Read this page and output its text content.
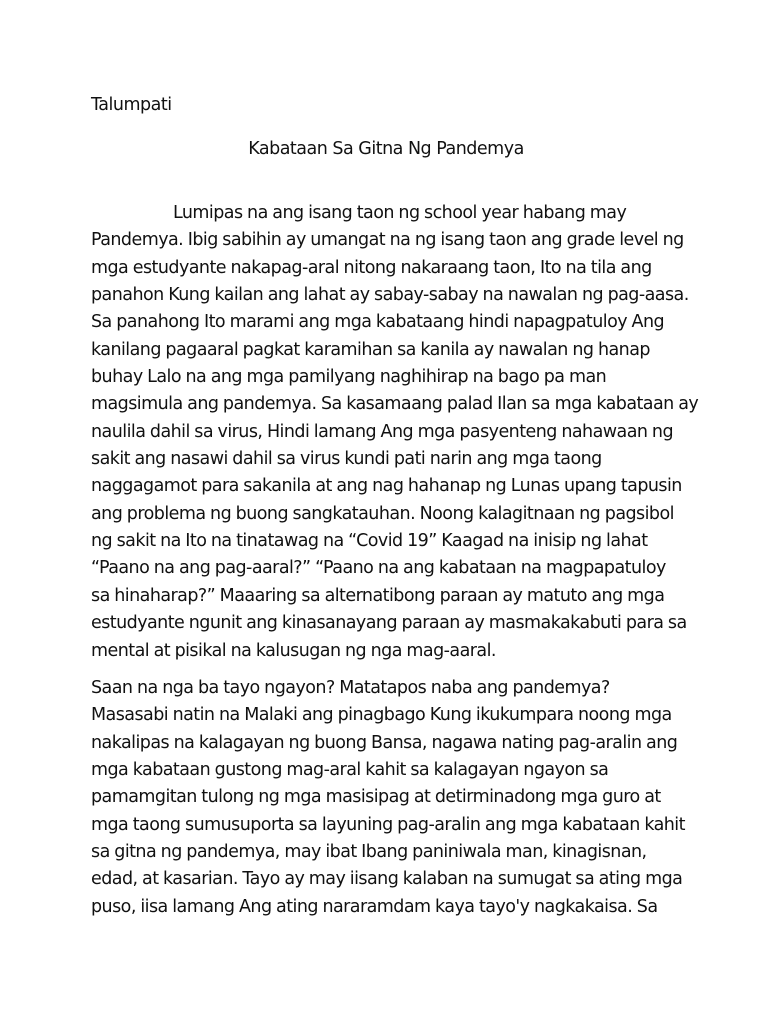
Talumpati
Kabataan Sa Gitna Ng Pandemya
Lumipas na ang isang taon ng school year habang may
Pandemya. Ibig sabihin ay umangat na ng isang taon ang grade level ng
mga estudyante nakapag-aral nitong nakaraang taon, Ito na tila ang
panahon Kung kailan ang lahat ay sabay-sabay na nawalan ng pag-aasa.
Sa panahong Ito marami ang mga kabataang hindi napagpatuloy Ang
kanilang pagaaral pagkat karamihan sa kanila ay nawalan ng hanap
buhay Lalo na ang mga pamilyang naghihirap na bago pa man
magsimula ang pandemya. Sa kasamaang palad Ilan sa mga kabataan ay
naulila dahil sa virus, Hindi lamang Ang mga pasyenteng nahawaan ng
sakit ang nasawi dahil sa virus kundi pati narin ang mga taong
naggagamot para sakanila at ang nag hahanap ng Lunas upang tapusin
ang problema ng buong sangkatauhan. Noong kalagitnaan ng pagsibol
ng sakit na Ito na tinatawag na “Covid 19” Kaagad na inisip ng lahat
“Paano na ang pag-aaral?” “Paano na ang kabataan na magpapatuloy
sa hinaharap?” Maaaring sa alternatibong paraan ay matuto ang mga
estudyante ngunit ang kinasanayang paraan ay masmakakabuti para sa
mental at pisikal na kalusugan ng nga mag-aaral.
Saan na nga ba tayo ngayon? Matatapos naba ang pandemya?
Masasabi natin na Malaki ang pinagbago Kung ikukumpara noong mga
nakalipas na kalagayan ng buong Bansa, nagawa nating pag-aralin ang
mga kabataan gustong mag-aral kahit sa kalagayan ngayon sa
pamamgitan tulong ng mga masisipag at detirminadong mga guro at
mga taong sumusuporta sa layuning pag-aralin ang mga kabataan kahit
sa gitna ng pandemya, may ibat Ibang paniniwala man, kinagisnan,
edad, at kasarian. Tayo ay may iisang kalaban na sumugat sa ating mga
puso, iisa lamang Ang ating nararamdam kaya tayo'y nagkakaisa. Sa
